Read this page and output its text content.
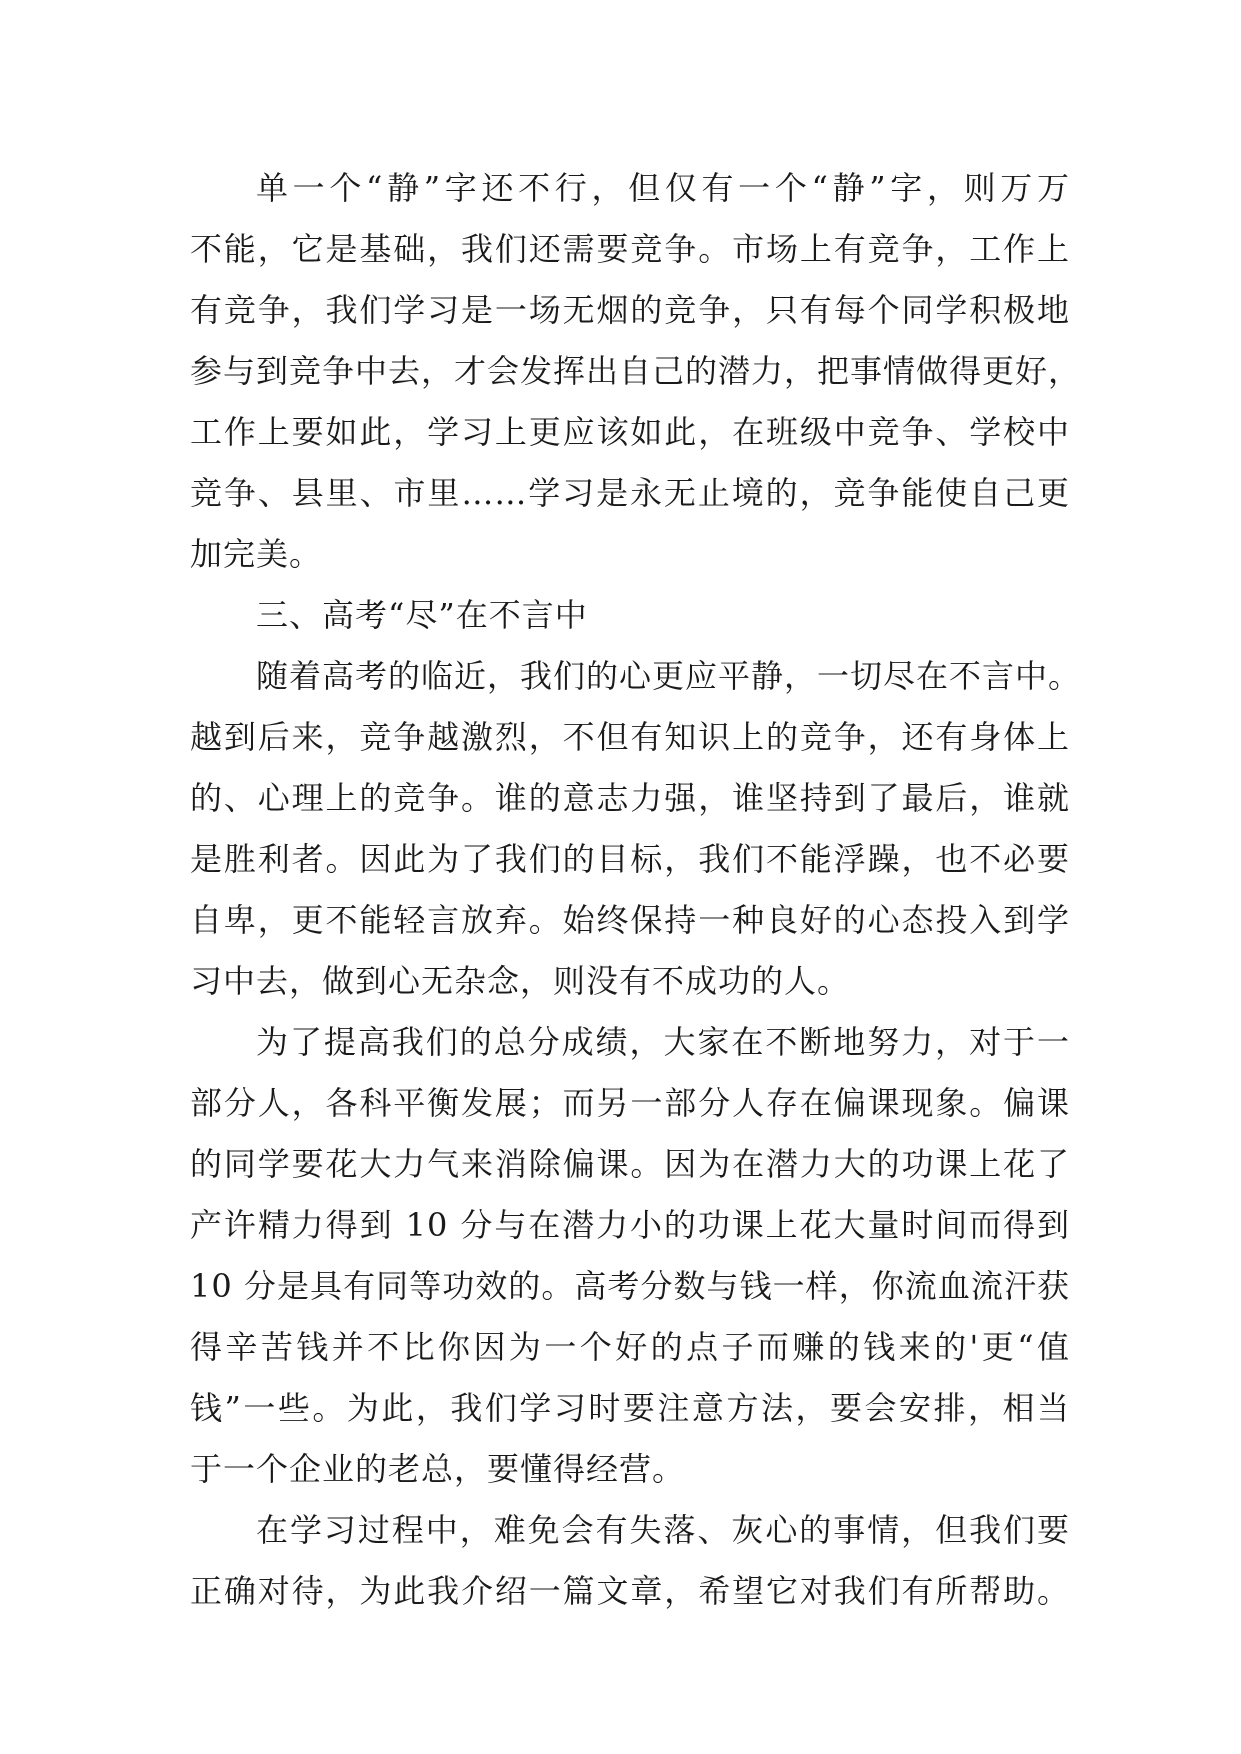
单一个“静”字还不行，但仅有一个“静”字，则万万
不能，它是基础，我们还需要竞争。市场上有竞争，工作上
有竞争，我们学习是一场无烟的竞争，只有每个同学积极地
参与到竞争中去，才会发挥出自己的潜力，把事情做得更好，
工作上要如此，学习上更应该如此，在班级中竞争、学校中
竞争、县里、市里……学习是永无止境的，竞争能使自己更
加完美。
三、高考“尽”在不言中
随着高考的临近，我们的心更应平静，一切尽在不言中。
越到后来，竞争越激烈，不但有知识上的竞争，还有身体上
的、心理上的竞争。谁的意志力强，谁坚持到了最后，谁就
是胜利者。因此为了我们的目标，我们不能浮躁，也不必要
自卑，更不能轻言放弃。始终保持一种良好的心态投入到学
习中去，做到心无杂念，则没有不成功的人。
为了提高我们的总分成绩，大家在不断地努力，对于一
部分人，各科平衡发展；而另一部分人存在偏课现象。偏课
的同学要花大力气来消除偏课。因为在潜力大的功课上花了
产许精力得到 10 分与在潜力小的功课上花大量时间而得到
10 分是具有同等功效的。高考分数与钱一样，你流血流汗获
得辛苦钱并不比你因为一个好的点子而赚的钱来的'更“值
钱”一些。为此，我们学习时要注意方法，要会安排，相当
于一个企业的老总，要懂得经营。
在学习过程中，难免会有失落、灰心的事情，但我们要
正确对待，为此我介绍一篇文章，希望它对我们有所帮助。
